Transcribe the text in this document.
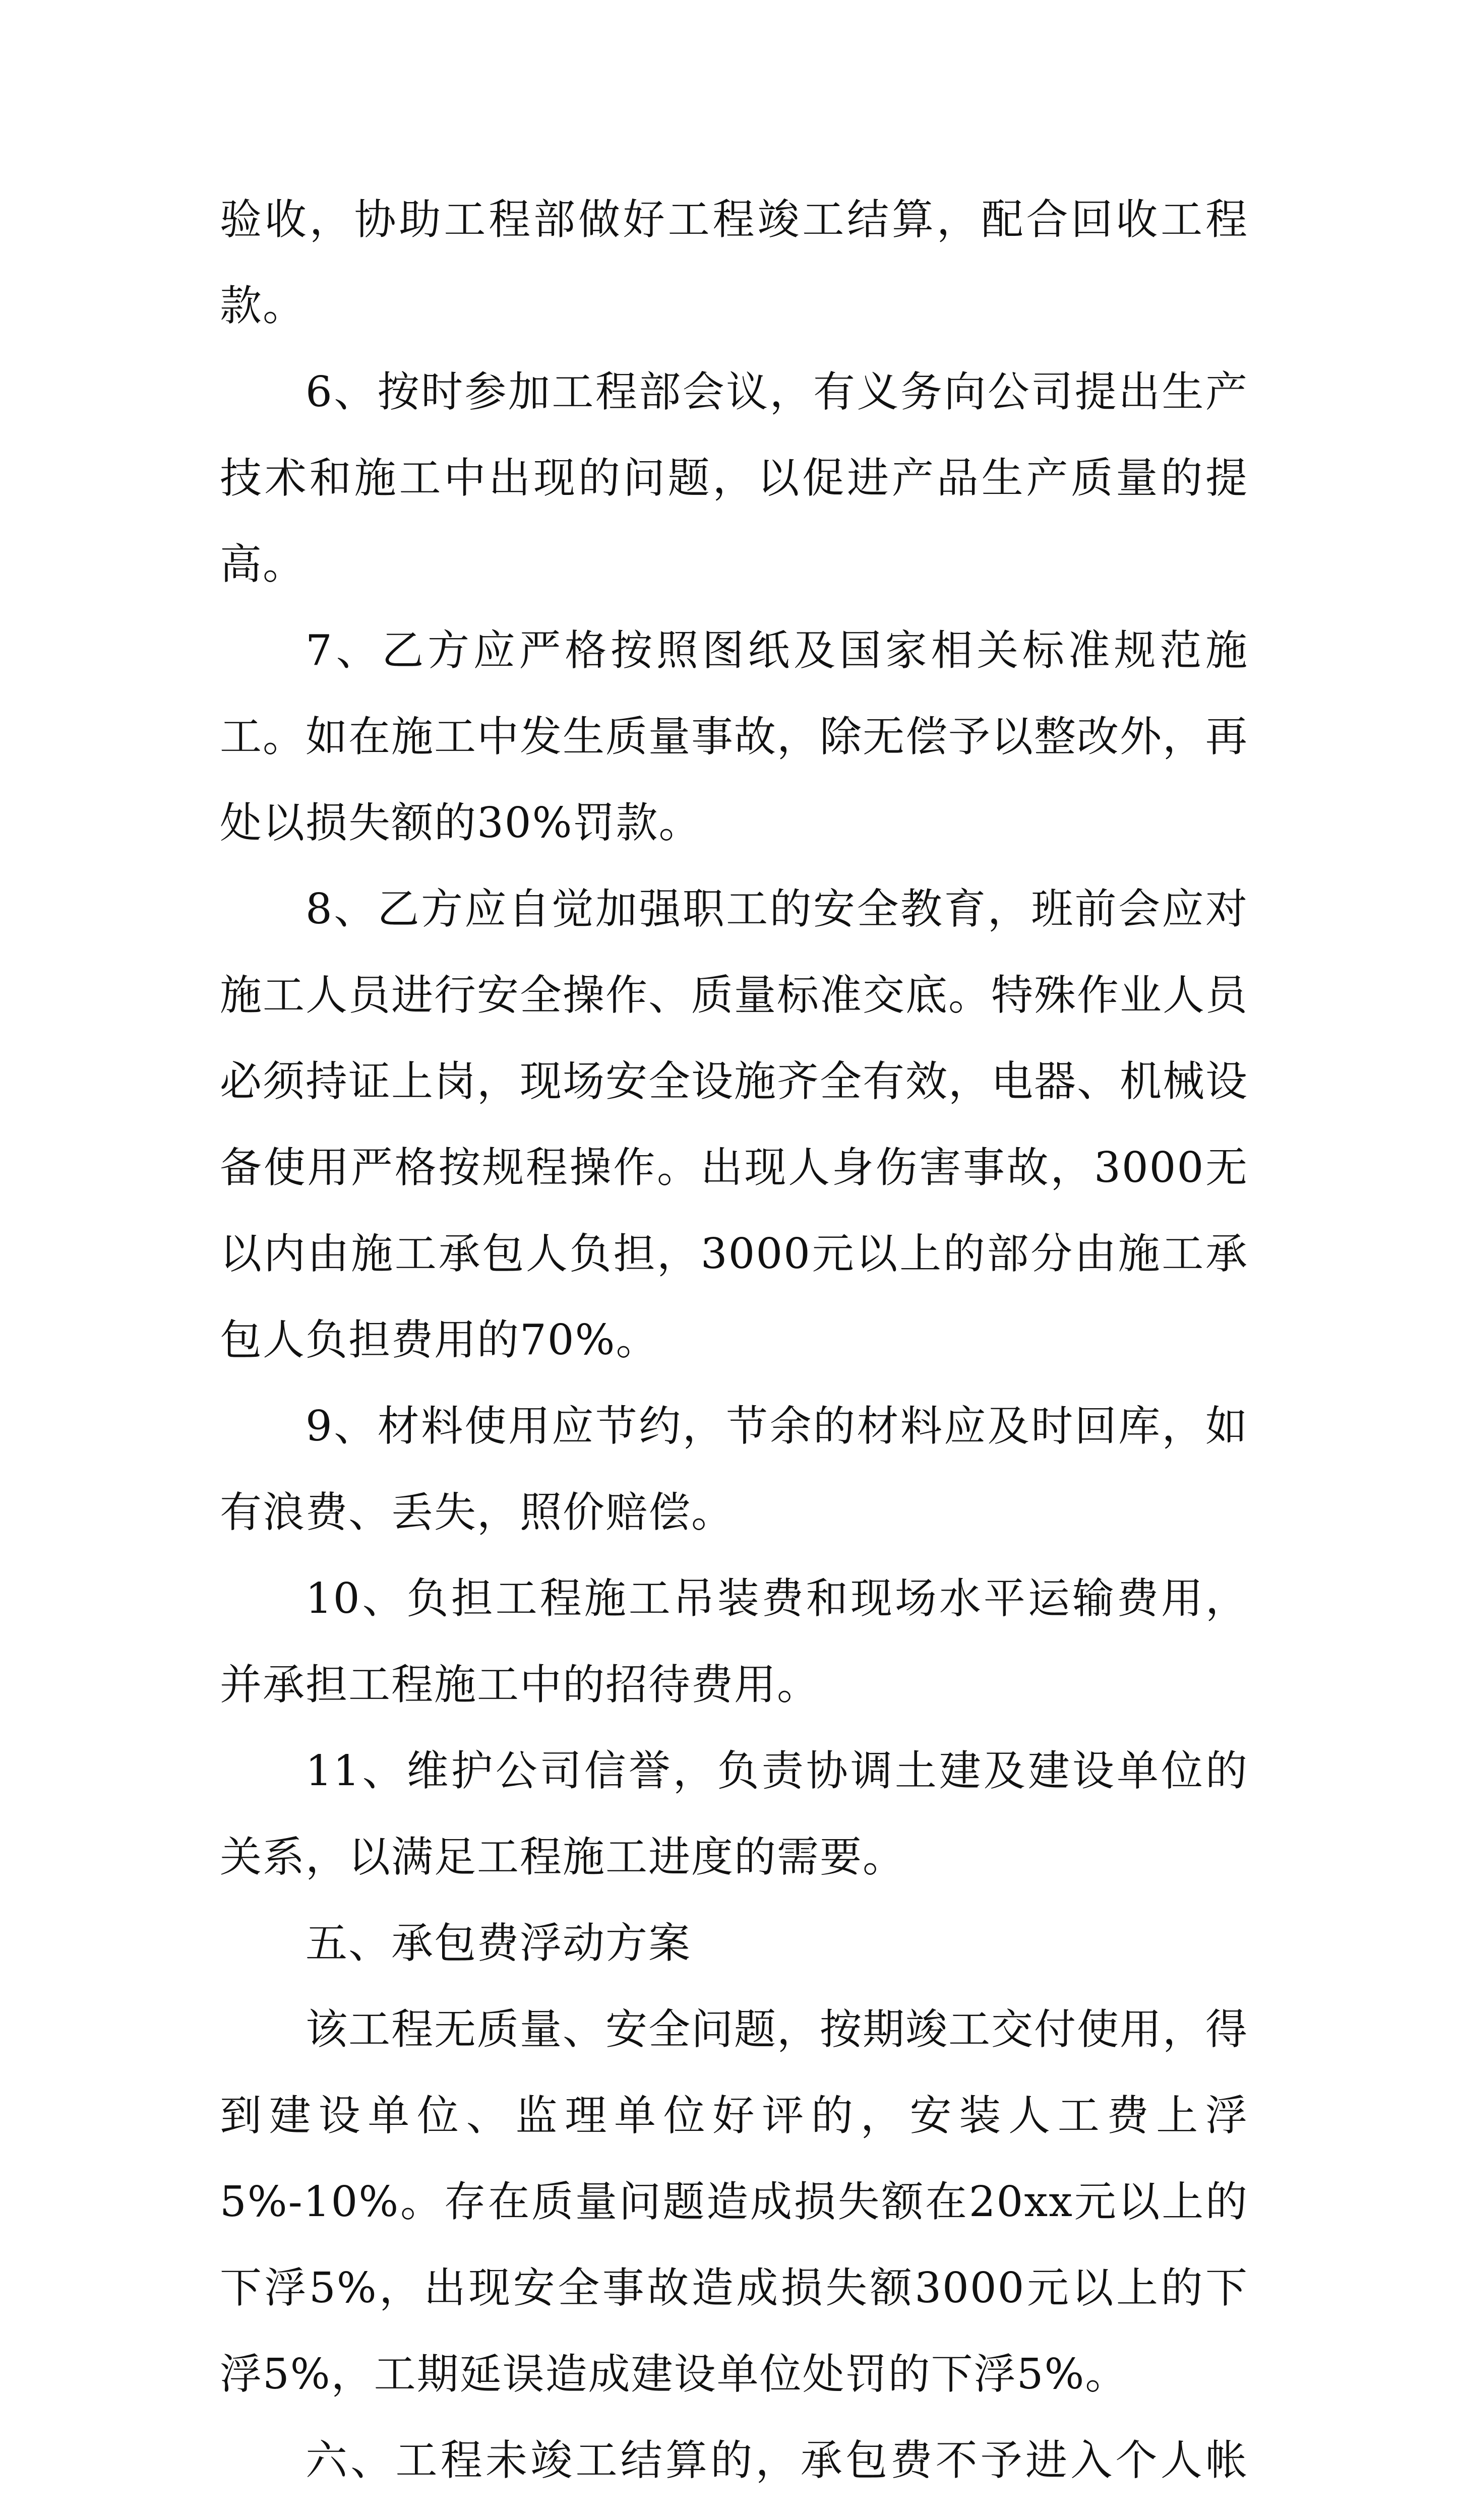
验收，协助工程部做好工程竣工结算，配合回收工程款。

6、按时参加工程部会议，有义务向公司提出生产技术和施工中出现的问题，以促进产品生产质量的提高。

7、乙方应严格按照图纸及国家相关标准规范施工。如在施工中发生质量事故，除无偿予以整改外，再处以损失额的30%罚款。

8、乙方应自觉加强职工的安全教育，班前会应对施工人员进行安全操作、质量标准交底。特殊作业人员必须持证上岗，现场安全设施齐全有效，电器、机械设备使用严格按规程操作。出现人身伤害事故，3000无以内由施工承包人负担，3000元以上的部分由施工承包人负担费用的70%。

9、材料使用应节约，节余的材料应及时回库，如有浪费、丢失，照价赔偿。

10、负担工程施工吊装费和现场水平运输费用，并承担工程施工中的招待费用。

11、维护公司信誉，负责协调土建及建设单位的关系，以满足工程施工进度的需要。

五、承包费浮动方案

该工程无质量、安全问题，按期竣工交付使用，得到建设单位、监理单位好评的，安装人工费上浮5%-10%。存在质量问题造成损失额在20xx元以上的下浮5%，出现安全事故造成损失额3000元以上的下浮5%，工期延误造成建设单位处罚的下浮5%。

六、工程未竣工结算的，承包费不予进入个人帐
